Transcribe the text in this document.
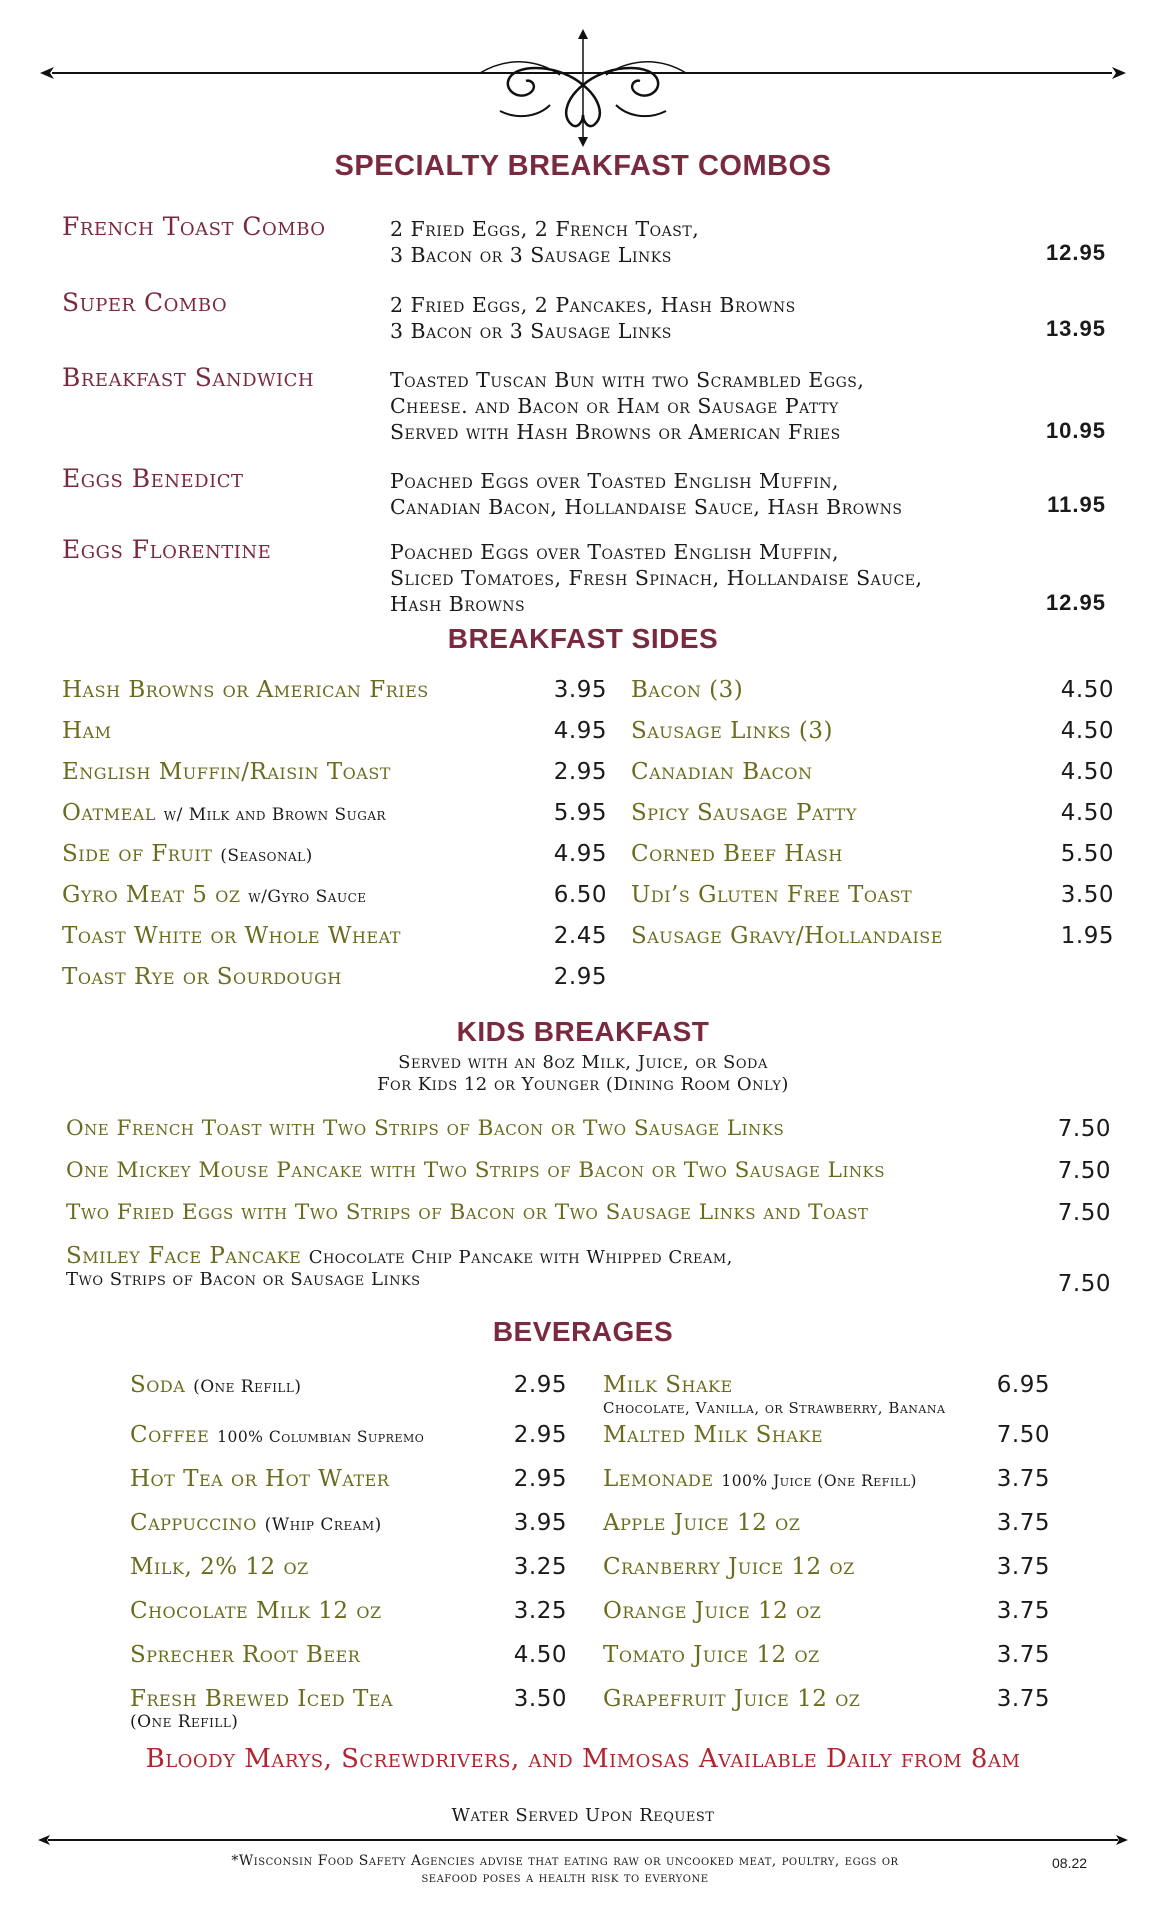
SPECIALTY BREAKFAST COMBOS
French Toast Combo	2 Fried Eggs, 2 French Toast,
3 Bacon or 3 Sausage Links	12.95
Super Combo	2 Fried Eggs, 2 Pancakes, Hash Browns
3 Bacon or 3 Sausage Links	13.95
Breakfast Sandwich	Toasted Tuscan Bun with two Scrambled Eggs,
Cheese. and Bacon or Ham or Sausage Patty
Served with Hash Browns or American Fries	10.95
Eggs Benedict	Poached Eggs over Toasted English Muffin,
Canadian Bacon, Hollandaise Sauce, Hash Browns	11.95
Eggs Florentine	Poached Eggs over Toasted English Muffin,
Sliced Tomatoes, Fresh Spinach, Hollandaise Sauce,
Hash Browns	12.95
BREAKFAST SIDES
Hash Browns or American Fries	3.95
Ham	4.95
English Muffin/Raisin Toast	2.95
Oatmeal w/ Milk and Brown Sugar	5.95
Side of Fruit (Seasonal)	4.95
Gyro Meat 5 oz w/Gyro Sauce	6.50
Toast White or Whole Wheat	2.45
Toast Rye or Sourdough	2.95
Bacon (3)	4.50
Sausage Links (3)	4.50
Canadian Bacon	4.50
Spicy Sausage Patty	4.50
Corned Beef Hash	5.50
Udi’s Gluten Free Toast	3.50
Sausage Gravy/Hollandaise	1.95
KIDS BREAKFAST
Served with an 8oz Milk, Juice, or Soda
For Kids 12 or Younger (Dining Room Only)
One French Toast with Two Strips of Bacon or Two Sausage Links	7.50
One Mickey Mouse Pancake with Two Strips of Bacon or Two Sausage Links	7.50
Two Fried Eggs with Two Strips of Bacon or Two Sausage Links and Toast	7.50
Smiley Face Pancake Chocolate Chip Pancake with Whipped Cream,
Two Strips of Bacon or Sausage Links	7.50
BEVERAGES
Soda (One Refill)	2.95
Coffee 100% Columbian Supremo	2.95
Hot Tea or Hot Water	2.95
Cappuccino (Whip Cream)	3.95
Milk, 2% 12 oz	3.25
Chocolate Milk 12 oz	3.25
Sprecher Root Beer	4.50
Fresh Brewed Iced Tea	3.50
(One Refill)
Milk Shake	6.95
Chocolate, Vanilla, or Strawberry, Banana
Malted Milk Shake	7.50
Lemonade 100% Juice (One Refill)	3.75
Apple Juice 12 oz	3.75
Cranberry Juice 12 oz	3.75
Orange Juice 12 oz	3.75
Tomato Juice 12 oz	3.75
Grapefruit Juice 12 oz	3.75
Bloody Marys, Screwdrivers, and Mimosas Available Daily from 8am
Water Served Upon Request
*Wisconsin Food Safety Agencies advise that eating raw or uncooked meat, poultry, eggs or
seafood poses a health risk to everyone
08.22
